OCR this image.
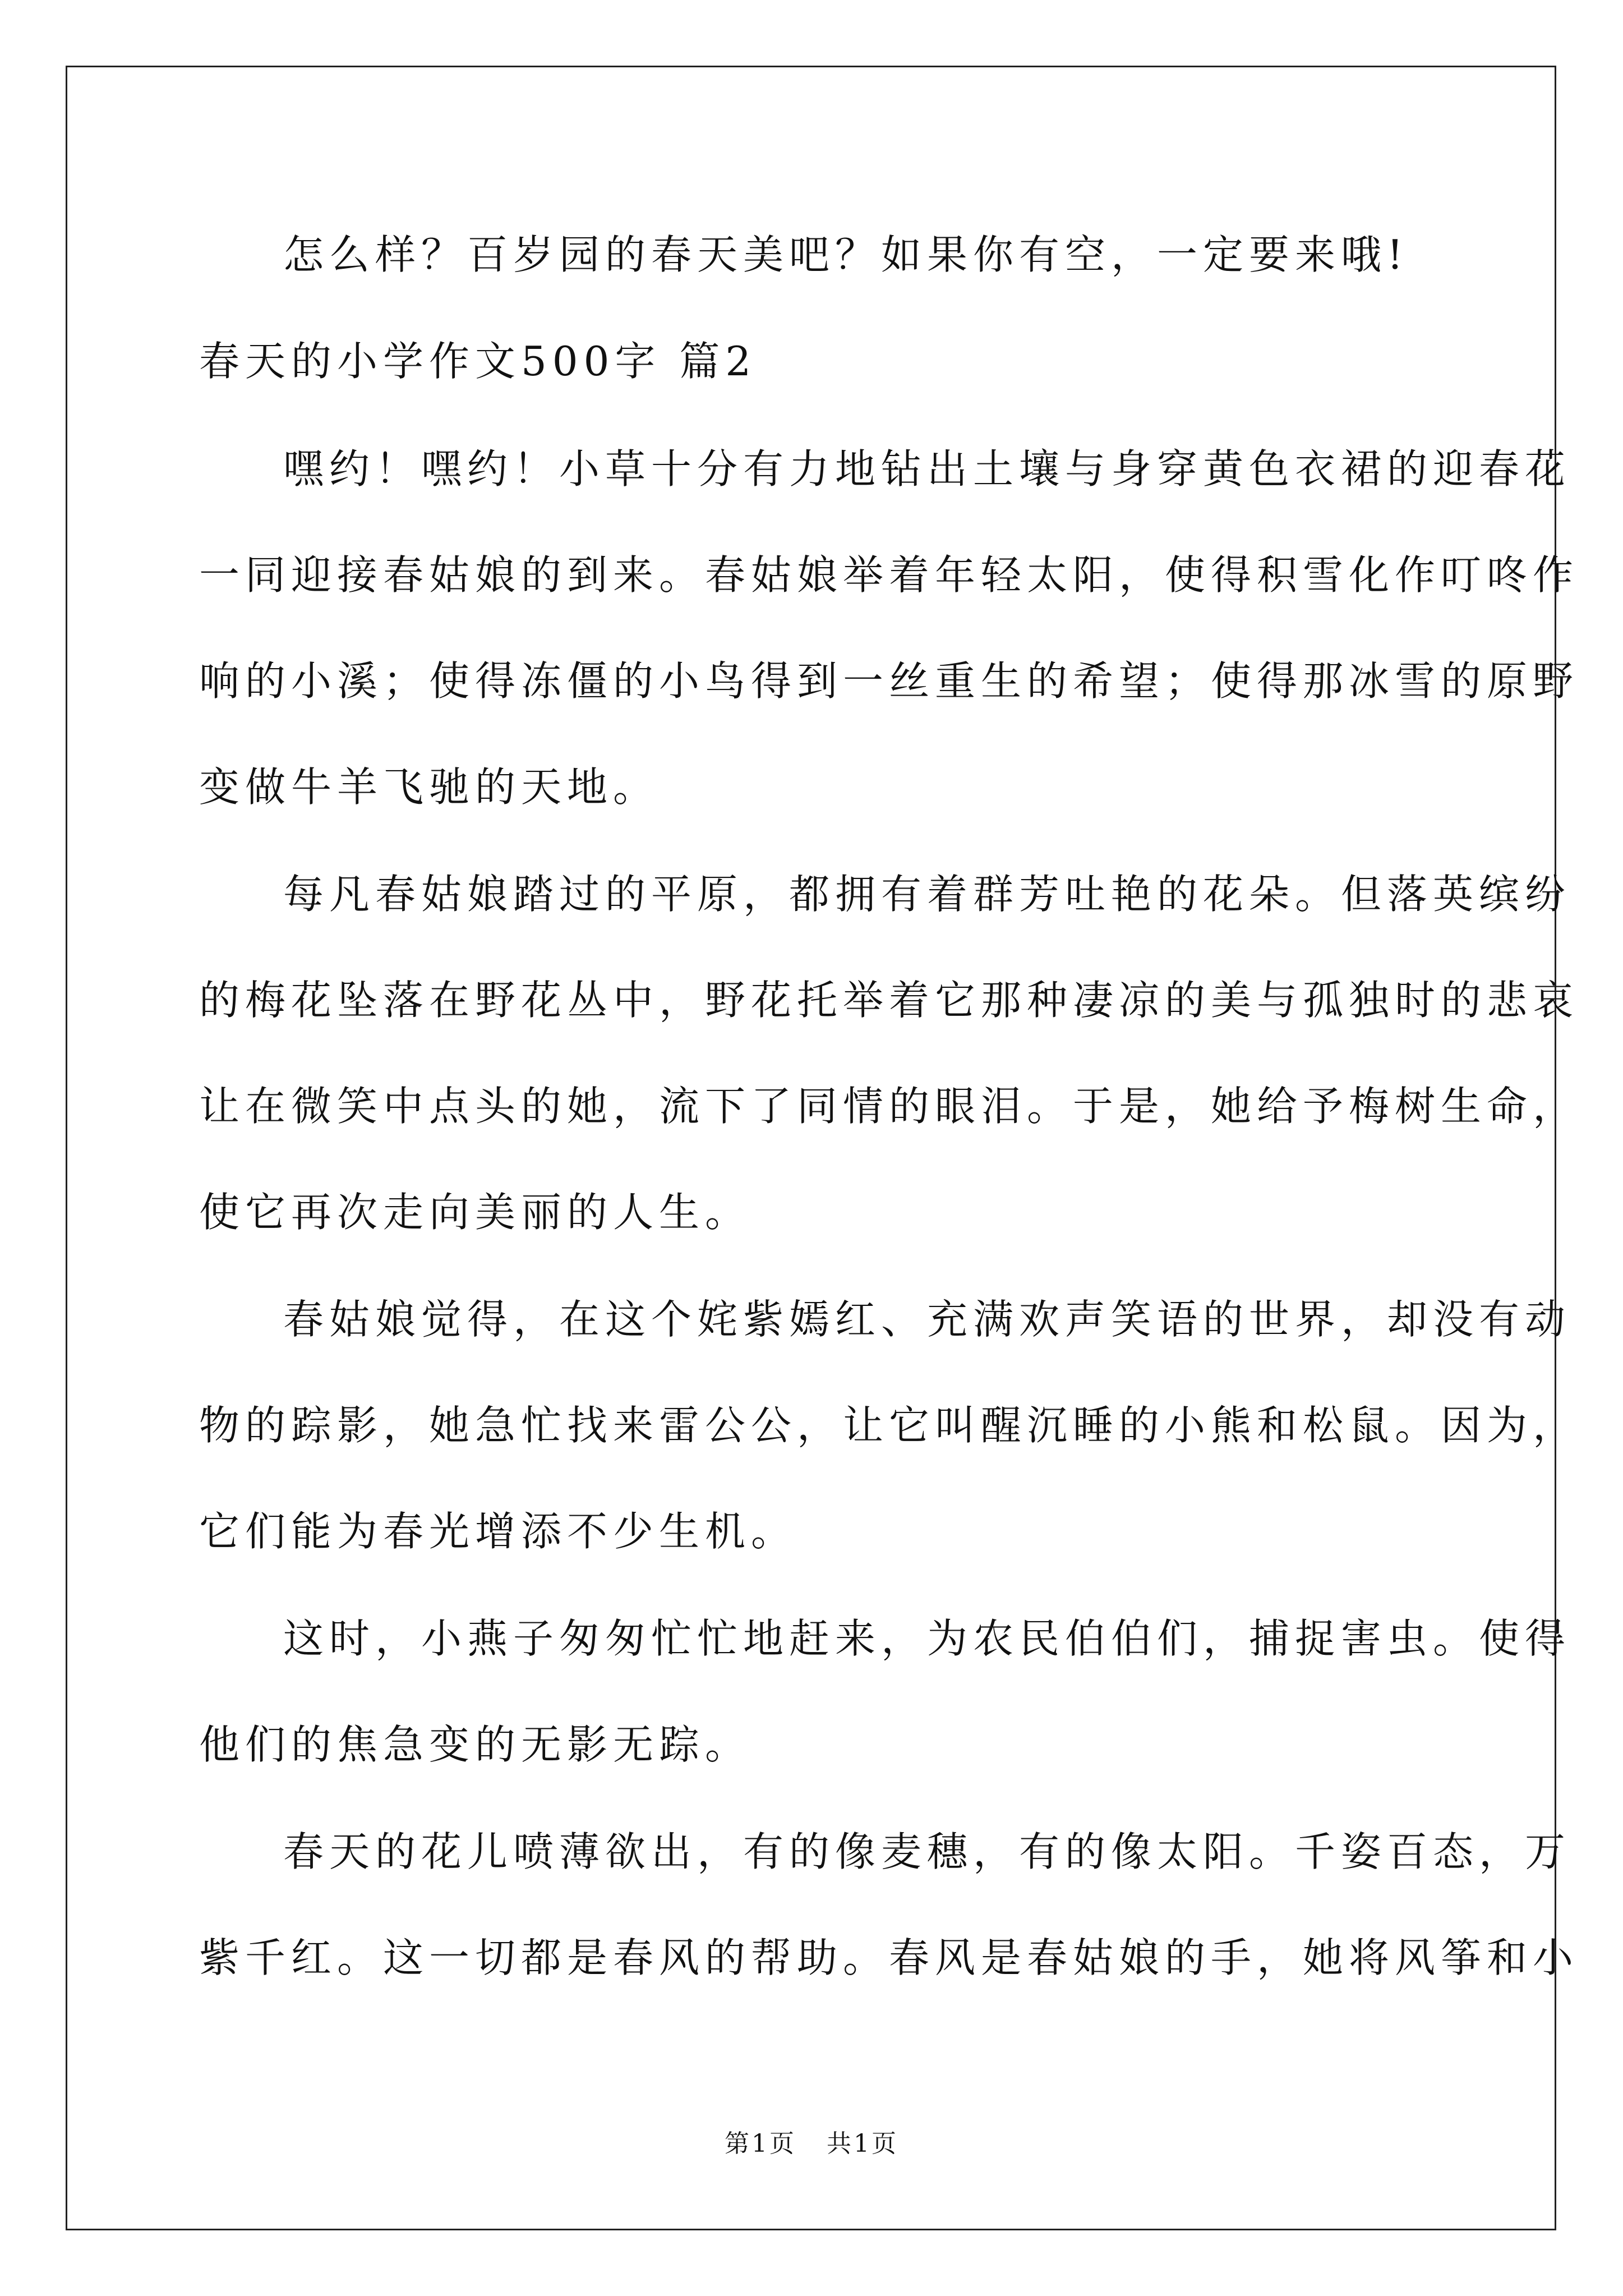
怎么样？百岁园的春天美吧？如果你有空，一定要来哦!
春天的小学作文500字 篇2
嘿约！嘿约！小草十分有力地钻出土壤与身穿黄色衣裙的迎春花
一同迎接春姑娘的到来。春姑娘举着年轻太阳，使得积雪化作叮咚作
响的小溪；使得冻僵的小鸟得到一丝重生的希望；使得那冰雪的原野
变做牛羊飞驰的天地。
每凡春姑娘踏过的平原，都拥有着群芳吐艳的花朵。但落英缤纷
的梅花坠落在野花丛中，野花托举着它那种凄凉的美与孤独时的悲哀
让在微笑中点头的她，流下了同情的眼泪。于是，她给予梅树生命，
使它再次走向美丽的人生。
春姑娘觉得，在这个姹紫嫣红、充满欢声笑语的世界，却没有动
物的踪影，她急忙找来雷公公，让它叫醒沉睡的小熊和松鼠。因为，
它们能为春光增添不少生机。
这时，小燕子匆匆忙忙地赶来，为农民伯伯们，捕捉害虫。使得
他们的焦急变的无影无踪。
春天的花儿喷薄欲出，有的像麦穗，有的像太阳。千姿百态，万
紫千红。这一切都是春风的帮助。春风是春姑娘的手，她将风筝和小
第1页   共1页
